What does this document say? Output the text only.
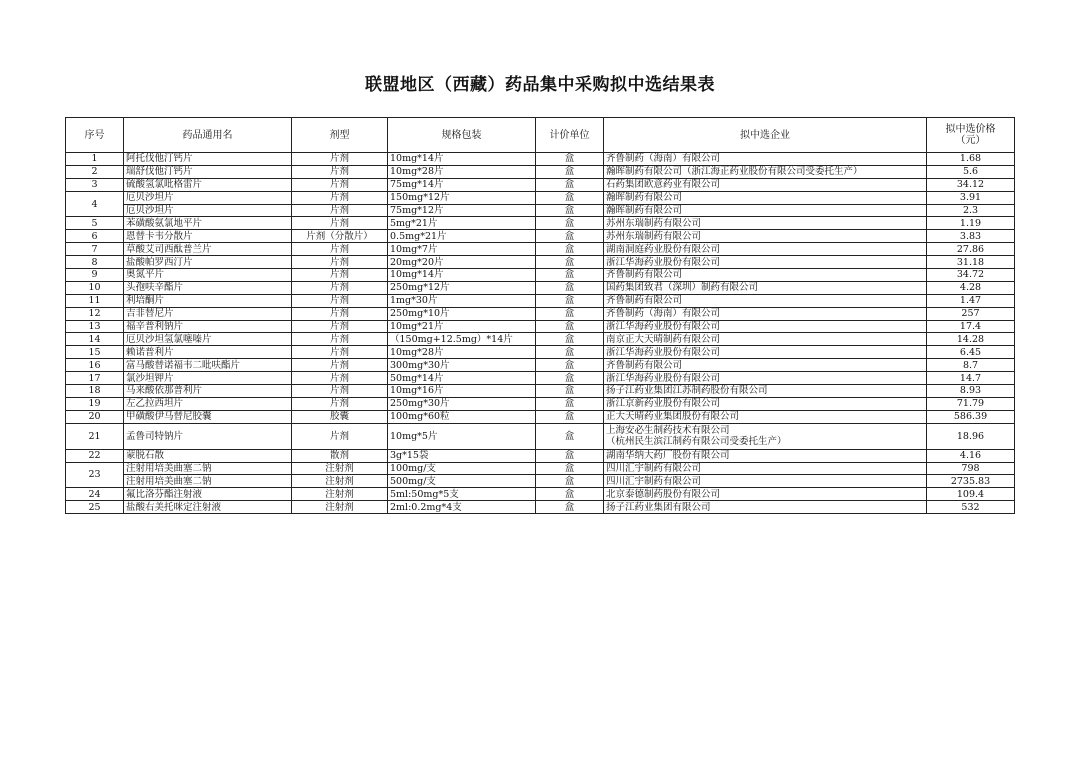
联盟地区（西藏）药品集中采购拟中选结果表
序号	药品通用名	剂型	规格包装	计价单位	拟中选企业	拟中选价格
（元）
1	阿托伐他汀钙片	片剂	10mg*14片	盒	齐鲁制药（海南）有限公司	1.68
2	瑞舒伐他汀钙片	片剂	10mg*28片	盒	瀚晖制药有限公司（浙江海正药业股份有限公司受委托生产）	5.6
3	硫酸氢氯吡格雷片	片剂	75mg*14片	盒	石药集团欧意药业有限公司	34.12
4	厄贝沙坦片	片剂	150mg*12片	盒	瀚晖制药有限公司	3.91
	厄贝沙坦片	片剂	75mg*12片	盒	瀚晖制药有限公司	2.3
5	苯磺酸氨氯地平片	片剂	5mg*21片	盒	苏州东瑞制药有限公司	1.19
6	恩替卡韦分散片	片剂（分散片）	0.5mg*21片	盒	苏州东瑞制药有限公司	3.83
7	草酸艾司西酞普兰片	片剂	10mg*7片	盒	湖南洞庭药业股份有限公司	27.86
8	盐酸帕罗西汀片	片剂	20mg*20片	盒	浙江华海药业股份有限公司	31.18
9	奥氮平片	片剂	10mg*14片	盒	齐鲁制药有限公司	34.72
10	头孢呋辛酯片	片剂	250mg*12片	盒	国药集团致君（深圳）制药有限公司	4.28
11	利培酮片	片剂	1mg*30片	盒	齐鲁制药有限公司	1.47
12	吉非替尼片	片剂	250mg*10片	盒	齐鲁制药（海南）有限公司	257
13	福辛普利钠片	片剂	10mg*21片	盒	浙江华海药业股份有限公司	17.4
14	厄贝沙坦氢氯噻嗪片	片剂	（150mg+12.5mg）*14片	盒	南京正大天晴制药有限公司	14.28
15	赖诺普利片	片剂	10mg*28片	盒	浙江华海药业股份有限公司	6.45
16	富马酸替诺福韦二吡呋酯片	片剂	300mg*30片	盒	齐鲁制药有限公司	8.7
17	氯沙坦钾片	片剂	50mg*14片	盒	浙江华海药业股份有限公司	14.7
18	马来酸依那普利片	片剂	10mg*16片	盒	扬子江药业集团江苏制药股份有限公司	8.93
19	左乙拉西坦片	片剂	250mg*30片	盒	浙江京新药业股份有限公司	71.79
20	甲磺酸伊马替尼胶囊	胶囊	100mg*60粒	盒	正大天晴药业集团股份有限公司	586.39
21	孟鲁司特钠片	片剂	10mg*5片	盒	上海安必生制药技术有限公司
（杭州民生滨江制药有限公司受委托生产）	18.96
22	蒙脱石散	散剂	3g*15袋	盒	湖南华纳大药厂股份有限公司	4.16
23	注射用培美曲塞二钠	注射剂	100mg/支	盒	四川汇宇制药有限公司	798
	注射用培美曲塞二钠	注射剂	500mg/支	盒	四川汇宇制药有限公司	2735.83
24	氟比洛芬酯注射液	注射剂	5ml:50mg*5支	盒	北京泰德制药股份有限公司	109.4
25	盐酸右美托咪定注射液	注射剂	2ml:0.2mg*4支	盒	扬子江药业集团有限公司	532
